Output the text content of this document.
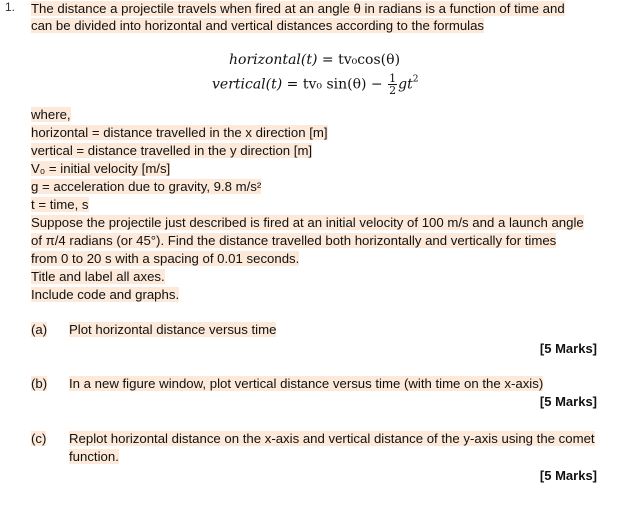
1. The distance a projectile travels when fired at an angle θ in radians is a function of time and
can be divided into horizontal and vertical distances according to the formulas
horizontal(t) = tv₀cos(θ)
vertical(t) = tv₀ $\sin(\theta) - \frac{1}{2} gt^2$
where,
horizontal = distance travelled in the x direction [m]
vertical = distance travelled in the y direction [m]
V₀ = initial velocity [m/s]
g = acceleration due to gravity, 9.8 m/s²
t = time, s
Suppose the projectile just described is fired at an initial velocity of 100 m/s and a launch angle
of π/4 radians (or 45°). Find the distance travelled both horizontally and vertically for times
from 0 to 20 s with a spacing of 0.01 seconds.
Title and label all axes.
Include code and graphs.
(a) Plot horizontal distance versus time
[5 Marks]
(b) In a new figure window, plot vertical distance versus time (with time on the x-axis)
[5 Marks]
(c) Replot horizontal distance on the x-axis and vertical distance of the y-axis using the comet
function.
[5 Marks]
